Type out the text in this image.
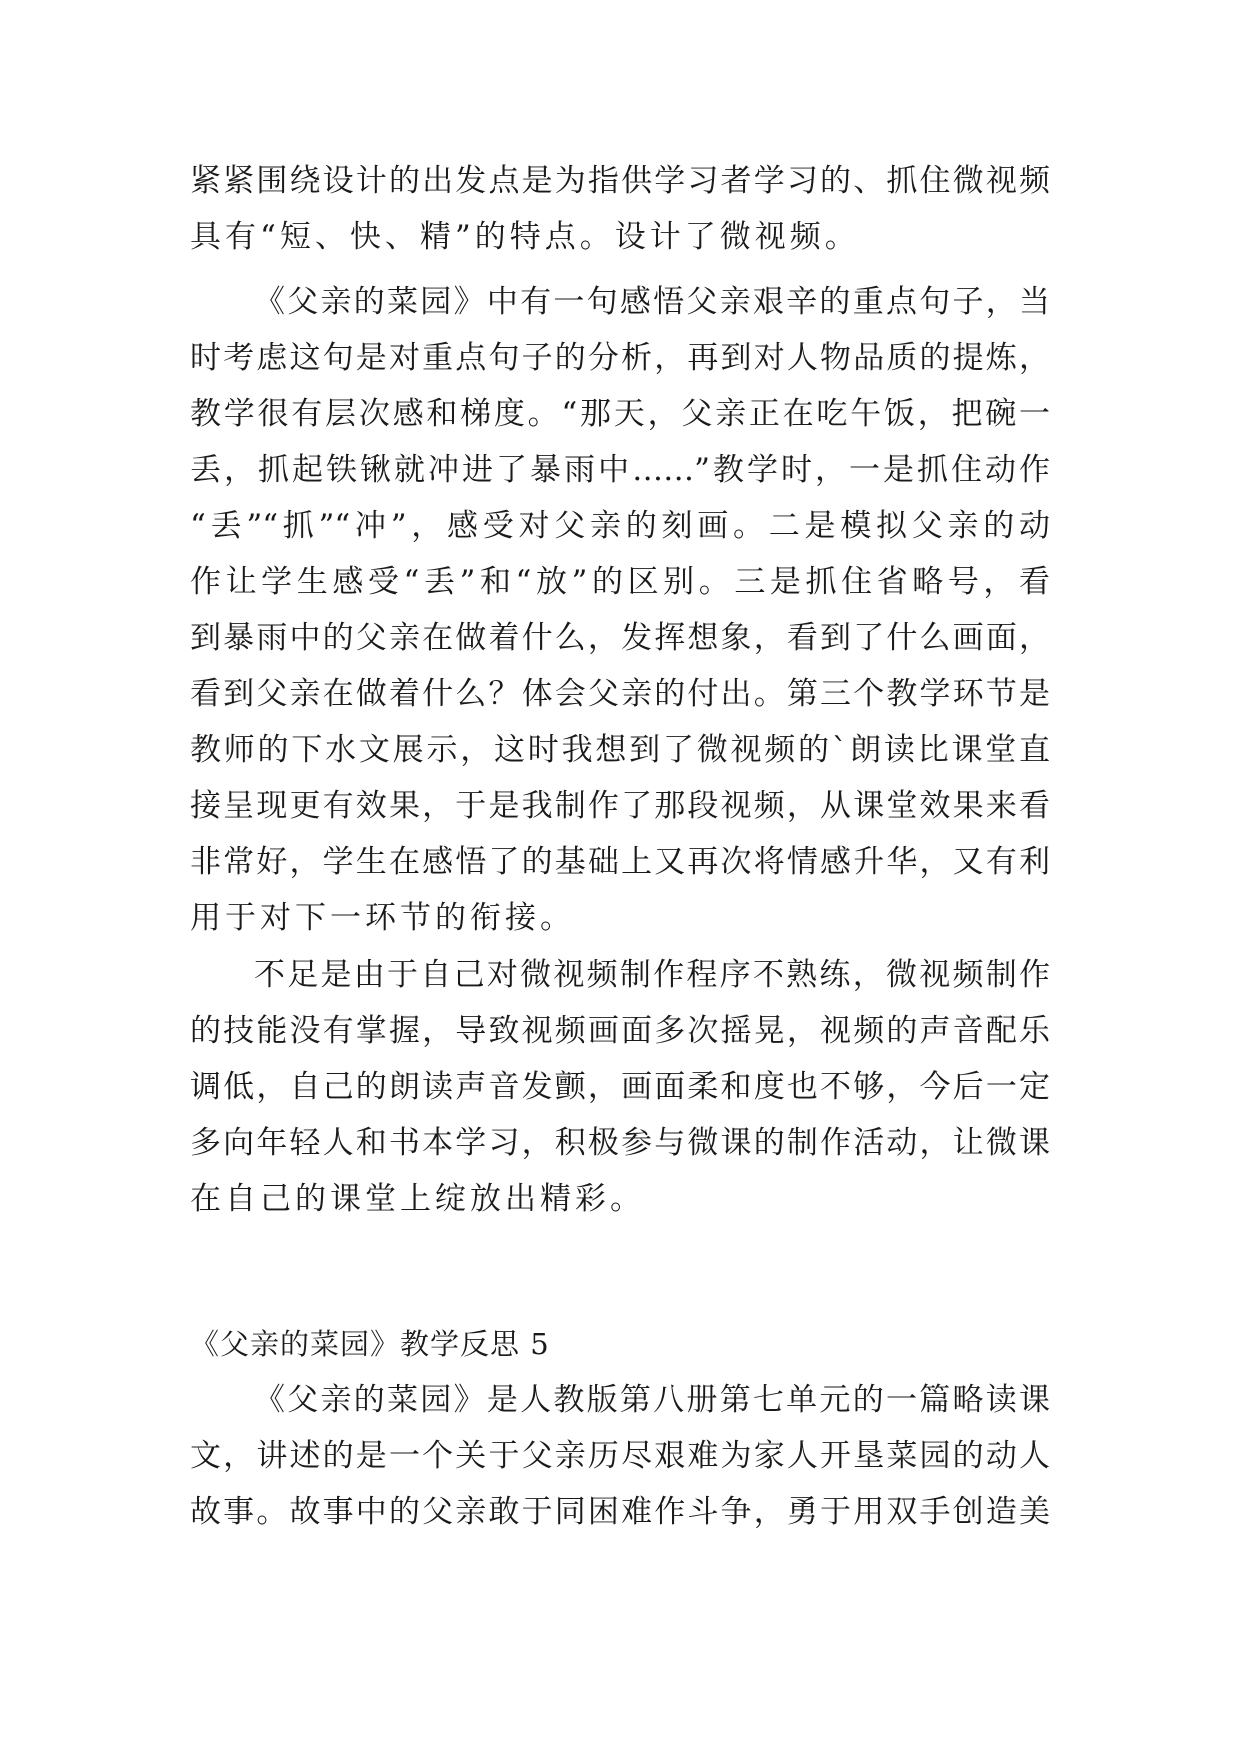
紧紧围绕设计的出发点是为指供学习者学习的、抓住微视频
具有“短、快、精”的特点。设计了微视频。
《父亲的菜园》中有一句感悟父亲艰辛的重点句子，当
时考虑这句是对重点句子的分析，再到对人物品质的提炼，
教学很有层次感和梯度。“那天，父亲正在吃午饭，把碗一
丢，抓起铁锹就冲进了暴雨中……”教学时，一是抓住动作
“丢”“抓”“冲”，感受对父亲的刻画。二是模拟父亲的动
作让学生感受“丢”和“放”的区别。三是抓住省略号，看
到暴雨中的父亲在做着什么，发挥想象，看到了什么画面，
看到父亲在做着什么？体会父亲的付出。第三个教学环节是
教师的下水文展示，这时我想到了微视频的`朗读比课堂直
接呈现更有效果，于是我制作了那段视频，从课堂效果来看
非常好，学生在感悟了的基础上又再次将情感升华，又有利
用于对下一环节的衔接。
不足是由于自己对微视频制作程序不熟练，微视频制作
的技能没有掌握，导致视频画面多次摇晃，视频的声音配乐
调低，自己的朗读声音发颤，画面柔和度也不够，今后一定
多向年轻人和书本学习，积极参与微课的制作活动，让微课
在自己的课堂上绽放出精彩。
《父亲的菜园》教学反思 5
《父亲的菜园》是人教版第八册第七单元的一篇略读课
文，讲述的是一个关于父亲历尽艰难为家人开垦菜园的动人
故事。故事中的父亲敢于同困难作斗争，勇于用双手创造美
